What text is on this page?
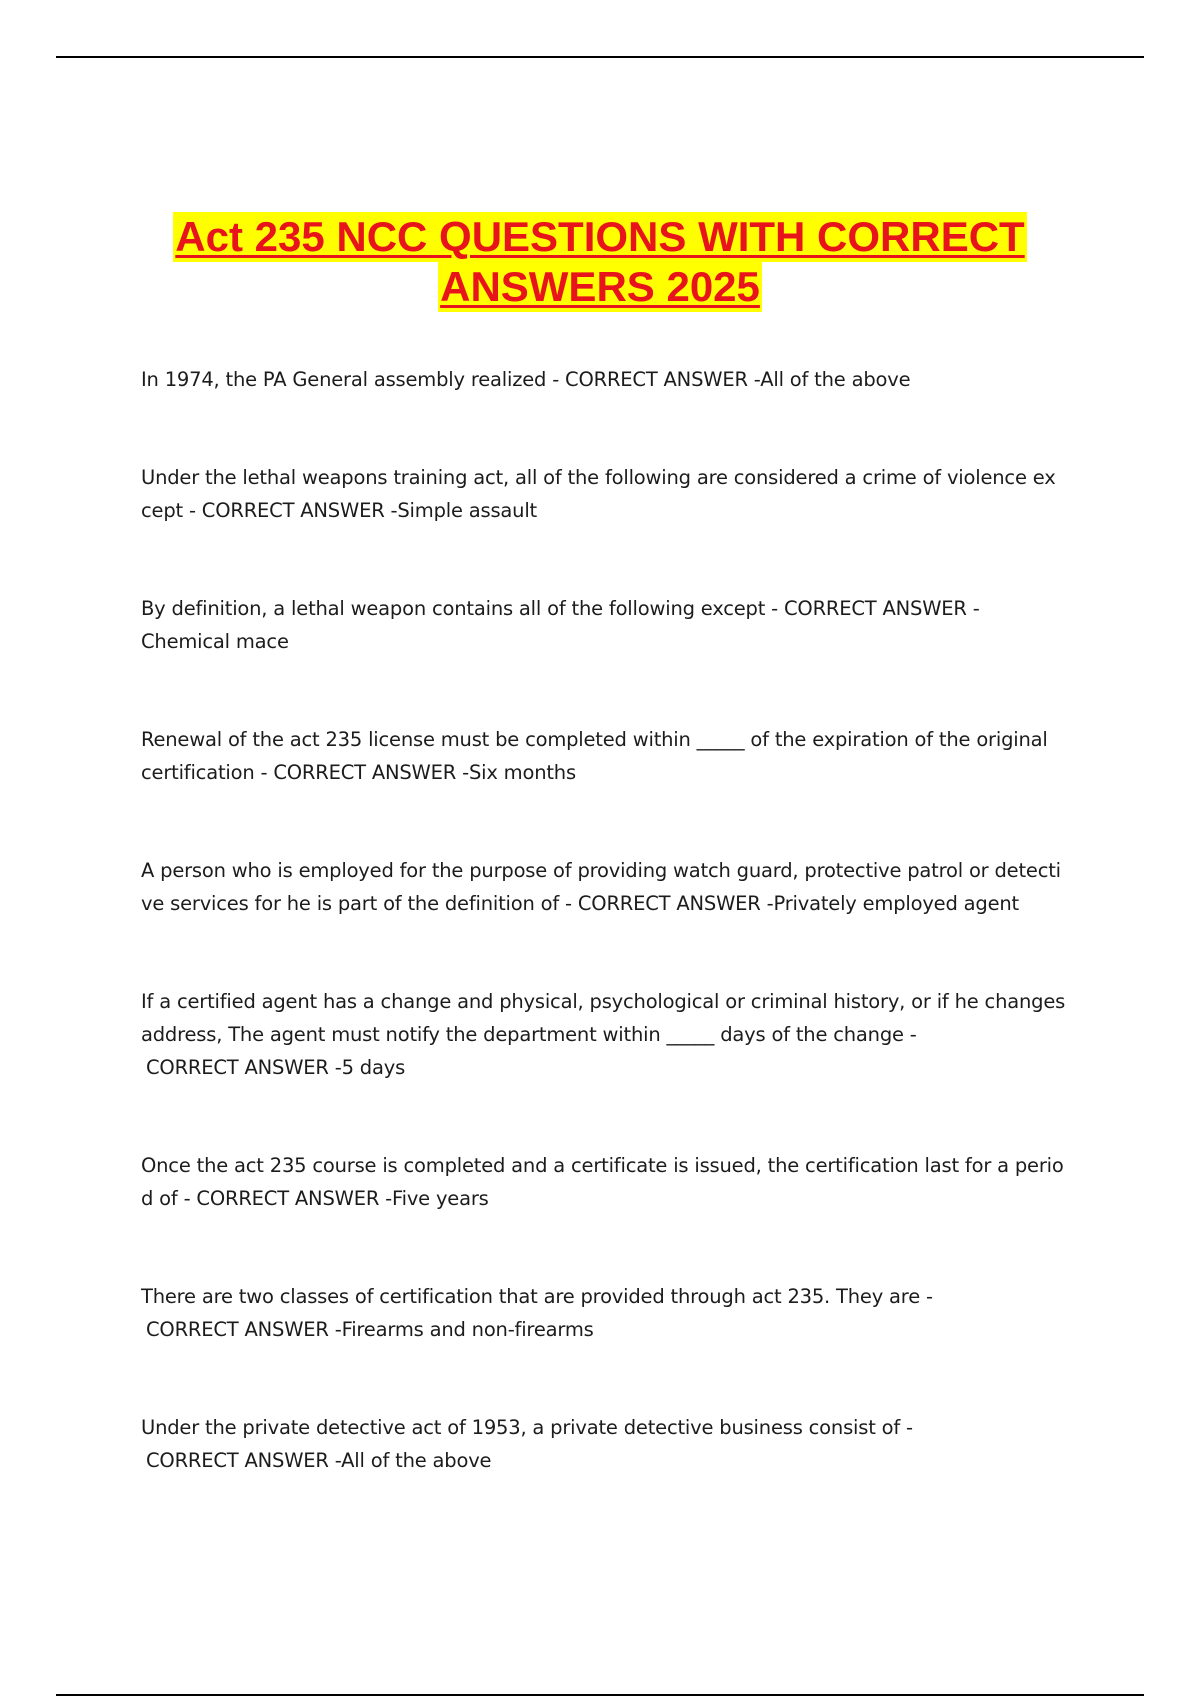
Act 235 NCC QUESTIONS WITH CORRECT
ANSWERS 2025
In 1974, the PA General assembly realized - CORRECT ANSWER -All of the above
Under the lethal weapons training act, all of the following are considered a crime of violence ex
cept - CORRECT ANSWER -Simple assault
By definition, a lethal weapon contains all of the following except - CORRECT ANSWER -
Chemical mace
Renewal of the act 235 license must be completed within _____ of the expiration of the original
certification - CORRECT ANSWER -Six months
A person who is employed for the purpose of providing watch guard, protective patrol or detecti
ve services for he is part of the definition of - CORRECT ANSWER -Privately employed agent
If a certified agent has a change and physical, psychological or criminal history, or if he changes
address, The agent must notify the department within _____ days of the change -
CORRECT ANSWER -5 days
Once the act 235 course is completed and a certificate is issued, the certification last for a perio
d of - CORRECT ANSWER -Five years
There are two classes of certification that are provided through act 235. They are -
CORRECT ANSWER -Firearms and non-firearms
Under the private detective act of 1953, a private detective business consist of -
CORRECT ANSWER -All of the above
